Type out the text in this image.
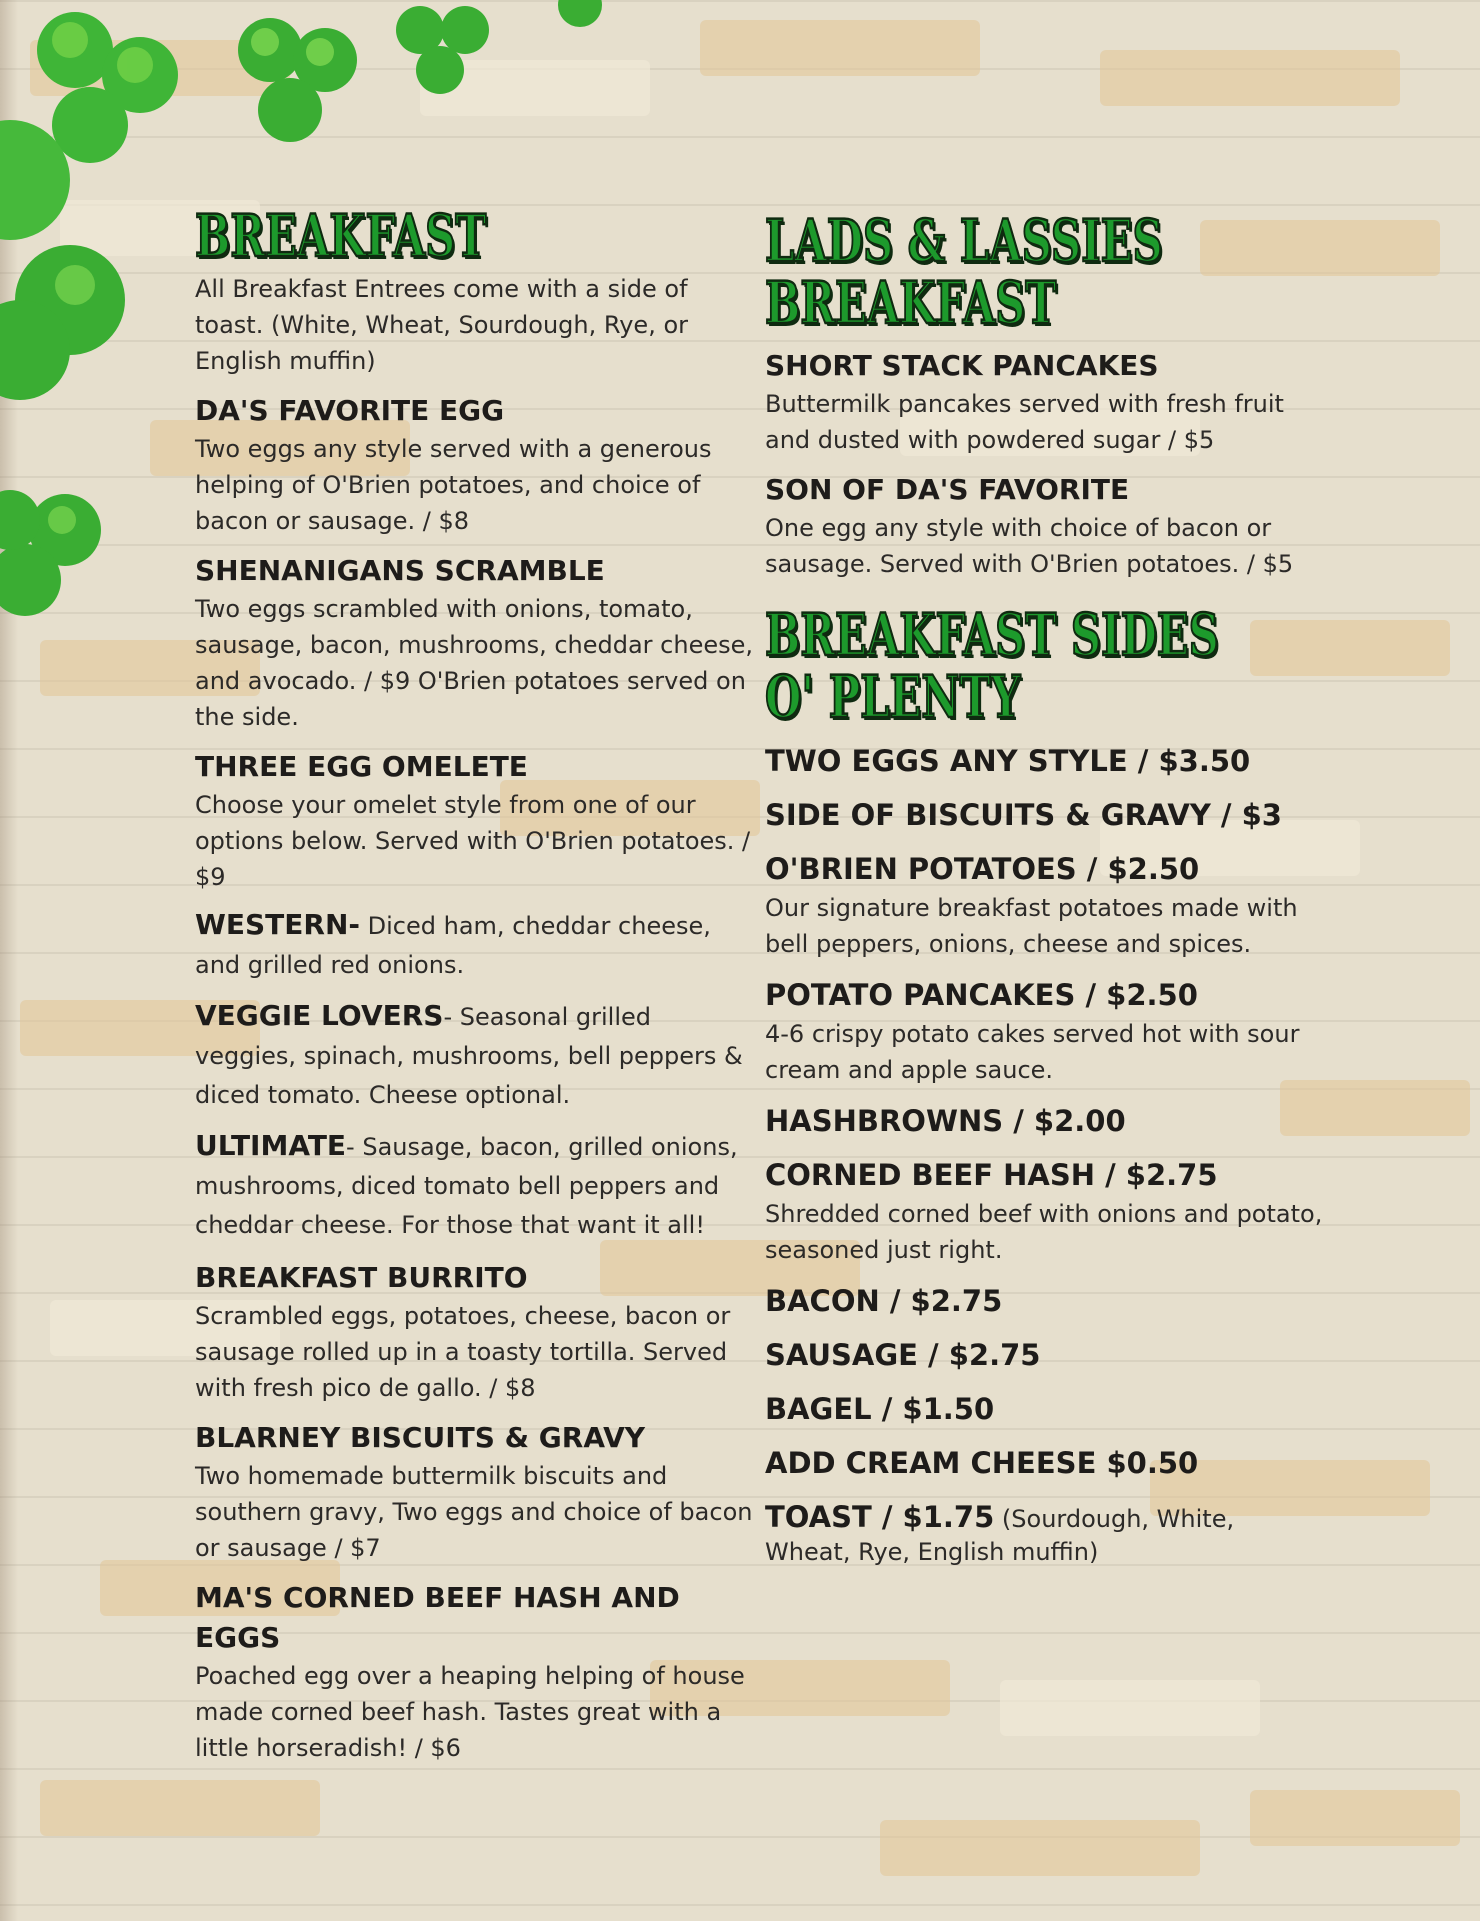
BREAKFAST
All Breakfast Entrees come with a side of toast. (White, Wheat, Sourdough, Rye, or English muffin)
DA'S FAVORITE EGG
Two eggs any style served with a generous helping of O'Brien potatoes, and choice of bacon or sausage. / $8
SHENANIGANS SCRAMBLE
Two eggs scrambled with onions, tomato, sausage, bacon, mushrooms, cheddar cheese, and avocado. / $9 O'Brien potatoes served on the side.
THREE EGG OMELETE
Choose your omelet style from one of our options below. Served with O'Brien potatoes. / $9
WESTERN- Diced ham, cheddar cheese, and grilled red onions.
VEGGIE LOVERS- Seasonal grilled veggies, spinach, mushrooms, bell peppers & diced tomato. Cheese optional.
ULTIMATE- Sausage, bacon, grilled onions, mushrooms, diced tomato bell peppers and cheddar cheese. For those that want it all!
BREAKFAST BURRITO
Scrambled eggs, potatoes, cheese, bacon or sausage rolled up in a toasty tortilla. Served with fresh pico de gallo. / $8
BLARNEY BISCUITS & GRAVY
Two homemade buttermilk biscuits and southern gravy, Two eggs and choice of bacon or sausage / $7
MA'S CORNED BEEF HASH AND EGGS
Poached egg over a heaping helping of house made corned beef hash. Tastes great with a little horseradish! / $6
LADS & LASSIES
BREAKFAST
SHORT STACK PANCAKES
Buttermilk pancakes served with fresh fruit and dusted with powdered sugar / $5
SON OF DA'S FAVORITE
One egg any style with choice of bacon or sausage. Served with O'Brien potatoes. / $5
BREAKFAST SIDES
O' PLENTY
TWO EGGS ANY STYLE / $3.50
SIDE OF BISCUITS & GRAVY / $3
O'BRIEN POTATOES / $2.50
Our signature breakfast potatoes made with bell peppers, onions, cheese and spices.
POTATO PANCAKES / $2.50
4-6 crispy potato cakes served hot with sour cream and apple sauce.
HASHBROWNS / $2.00
CORNED BEEF HASH / $2.75
Shredded corned beef with onions and potato, seasoned just right.
BACON / $2.75
SAUSAGE / $2.75
BAGEL / $1.50
ADD CREAM CHEESE $0.50
TOAST / $1.75 (Sourdough, White, Wheat, Rye, English muffin)
